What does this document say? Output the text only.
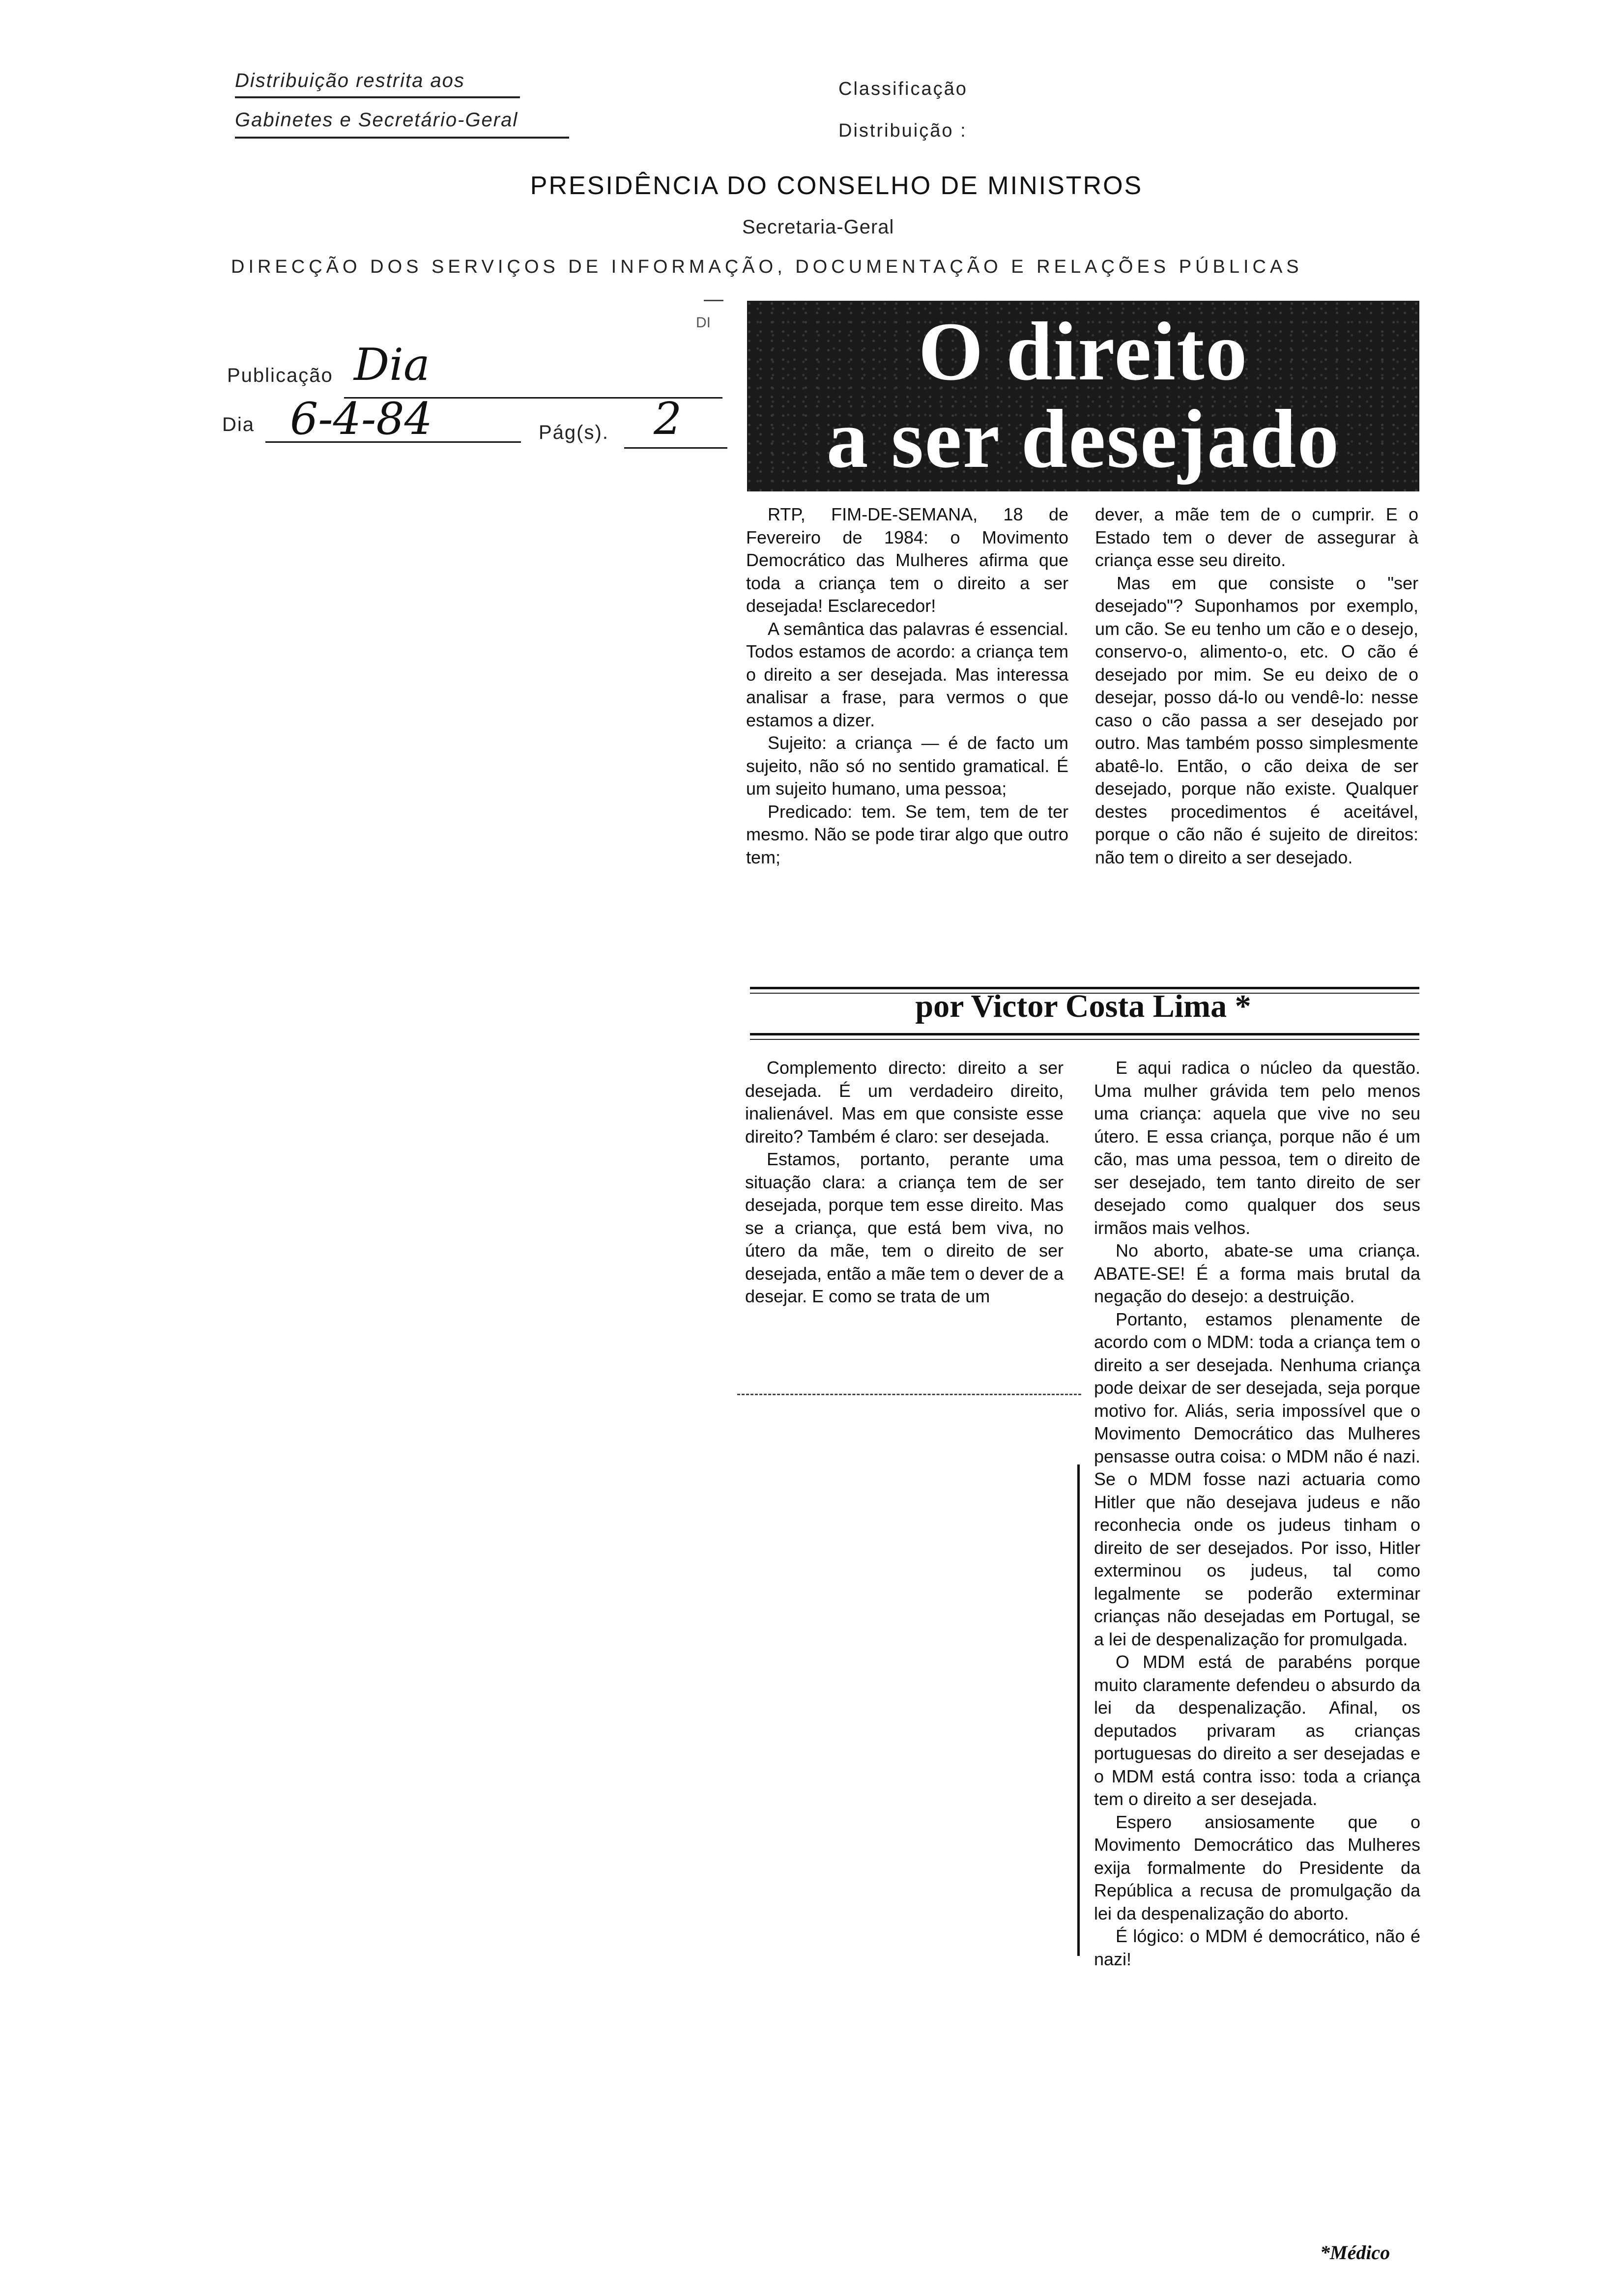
Distribuição restrita aos
Gabinetes e Secretário-Geral
Classificação
Distribuição :
PRESIDÊNCIA DO CONSELHO DE MINISTROS
Secretaria-Geral
DIRECÇÃO DOS SERVIÇOS DE INFORMAÇÃO, DOCUMENTAÇÃO E RELAÇÕES PÚBLICAS
DI
Publicação Dia
Dia 6-4-84	Pág(s). 2
O direito
a ser desejado

RTP, FIM-DE-SEMANA, 18 de Fevereiro de 1984: o Movimento Democrático das Mulheres afirma que toda a criança tem o direito a ser desejada! Esclarecedor!

A semântica das palavras é essencial. Todos estamos de acordo: a criança tem o direito a ser desejada. Mas interessa analisar a frase, para vermos o que estamos a dizer.

Sujeito: a criança — é de facto um sujeito, não só no sentido gramatical. É um sujeito humano, uma pessoa;

Predicado: tem. Se tem, tem de ter mesmo. Não se pode tirar algo que outro tem;

dever, a mãe tem de o cumprir. E o Estado tem o dever de assegurar à criança esse seu direito.

Mas em que consiste o "ser desejado"? Suponhamos por exemplo, um cão. Se eu tenho um cão e o desejo, conservo-o, alimento-o, etc. O cão é desejado por mim. Se eu deixo de o desejar, posso dá-lo ou vendê-lo: nesse caso o cão passa a ser desejado por outro. Mas também posso simplesmente abatê-lo. Então, o cão deixa de ser desejado, porque não existe. Qualquer destes procedimentos é aceitável, porque o cão não é sujeito de direitos: não tem o direito a ser desejado.

por Victor Costa Lima *

Complemento directo: direito a ser desejada. É um verdadeiro direito, inalienável. Mas em que consiste esse direito? Também é claro: ser desejada.

Estamos, portanto, perante uma situação clara: a criança tem de ser desejada, porque tem esse direito. Mas se a criança, que está bem viva, no útero da mãe, tem o direito de ser desejada, então a mãe tem o dever de a desejar. E como se trata de um

E aqui radica o núcleo da questão. Uma mulher grávida tem pelo menos uma criança: aquela que vive no seu útero. E essa criança, porque não é um cão, mas uma pessoa, tem o direito de ser desejado, tem tanto direito de ser desejado como qualquer dos seus irmãos mais velhos.

No aborto, abate-se uma criança. ABATE-SE! É a forma mais brutal da negação do desejo: a destruição.

Portanto, estamos plenamente de acordo com o MDM: toda a criança tem o direito a ser desejada. Nenhuma criança pode deixar de ser desejada, seja porque motivo for. Aliás, seria impossível que o Movimento Democrático das Mulheres pensasse outra coisa: o MDM não é nazi. Se o MDM fosse nazi actuaria como Hitler que não desejava judeus e não reconhecia onde os judeus tinham o direito de ser desejados. Por isso, Hitler exterminou os judeus, tal como legalmente se poderão exterminar crianças não desejadas em Portugal, se a lei de despenalização for promulgada.

O MDM está de parabéns porque muito claramente defendeu o absurdo da lei da despenalização. Afinal, os deputados privaram as crianças portuguesas do direito a ser desejadas e o MDM está contra isso: toda a criança tem o direito a ser desejada.

Espero ansiosamente que o Movimento Democrático das Mulheres exija formalmente do Presidente da República a recusa de promulgação da lei da despenalização do aborto.

É lógico: o MDM é democrático, não é nazi!

*Médico
